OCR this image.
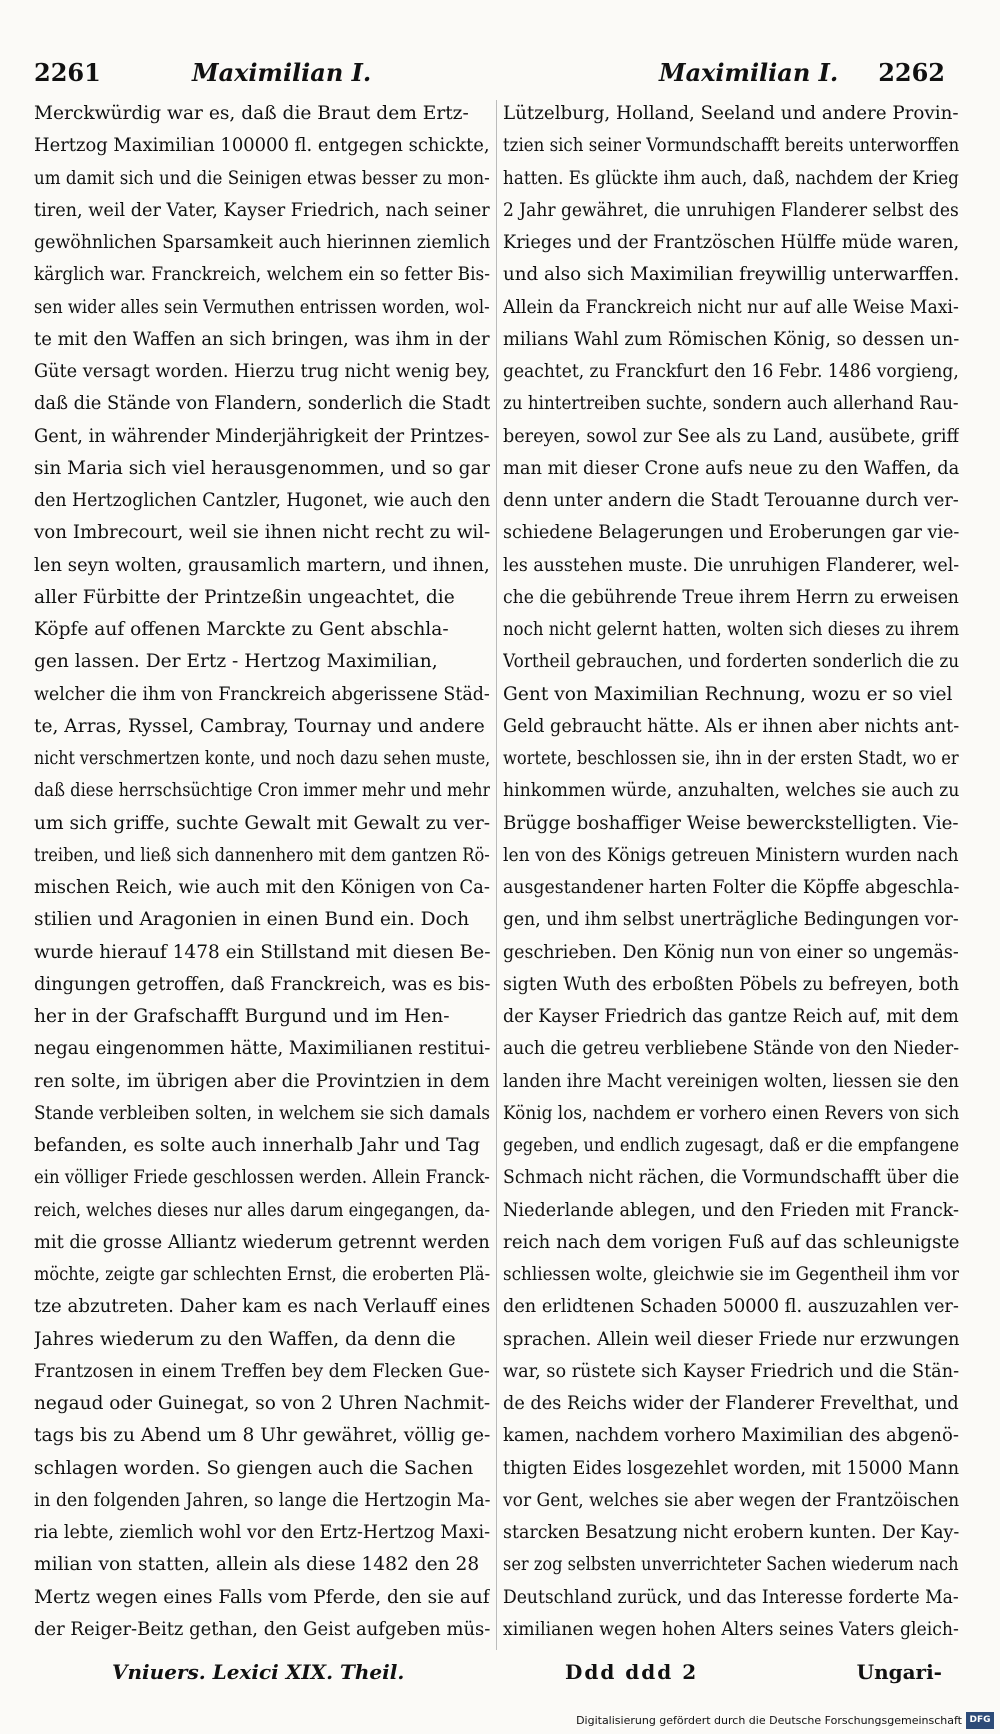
2261	Maximilian I.	Maximilian I. 2262
Merckwürdig war es, daß die Braut dem Ertz-
Hertzog Maximilian 100000 fl. entgegen schickte,
um damit sich und die Seinigen etwas besser zu mon-
tiren, weil der Vater, Kayser Friedrich, nach seiner
gewöhnlichen Sparsamkeit auch hierinnen ziemlich
kärglich war. Franckreich, welchem ein so fetter Bis-
sen wider alles sein Vermuthen entrissen worden, wol-
te mit den Waffen an sich bringen, was ihm in der
Güte versagt worden. Hierzu trug nicht wenig bey,
daß die Stände von Flandern, sonderlich die Stadt
Gent, in währender Minderjährigkeit der Printzes-
sin Maria sich viel herausgenommen, und so gar
den Hertzoglichen Cantzler, Hugonet, wie auch den
von Imbrecourt, weil sie ihnen nicht recht zu wil-
len seyn wolten, grausamlich martern, und ihnen,
aller Fürbitte der Printzeßin ungeachtet, die
Köpfe auf offenen Marckte zu Gent abschla-
gen lassen. Der Ertz - Hertzog Maximilian,
welcher die ihm von Franckreich abgerissene Städ-
te, Arras, Ryssel, Cambray, Tournay und andere
nicht verschmertzen konte, und noch dazu sehen muste,
daß diese herrschsüchtige Cron immer mehr und mehr
um sich griffe, suchte Gewalt mit Gewalt zu ver-
treiben, und ließ sich dannenhero mit dem gantzen Rö-
mischen Reich, wie auch mit den Königen von Ca-
stilien und Aragonien in einen Bund ein. Doch
wurde hierauf 1478 ein Stillstand mit diesen Be-
dingungen getroffen, daß Franckreich, was es bis-
her in der Grafschafft Burgund und im Hen-
negau eingenommen hätte, Maximilianen restitui-
ren solte, im übrigen aber die Provintzien in dem
Stande verbleiben solten, in welchem sie sich damals
befanden, es solte auch innerhalb Jahr und Tag
ein völliger Friede geschlossen werden. Allein Franck-
reich, welches dieses nur alles darum eingegangen, da-
mit die grosse Alliantz wiederum getrennt werden
möchte, zeigte gar schlechten Ernst, die eroberten Plä-
tze abzutreten. Daher kam es nach Verlauff eines
Jahres wiederum zu den Waffen, da denn die
Frantzosen in einem Treffen bey dem Flecken Gue-
negaud oder Guinegat, so von 2 Uhren Nachmit-
tags bis zu Abend um 8 Uhr gewähret, völlig ge-
schlagen worden. So giengen auch die Sachen
in den folgenden Jahren, so lange die Hertzogin Ma-
ria lebte, ziemlich wohl vor den Ertz-Hertzog Maxi-
milian von statten, allein als diese 1482 den 28
Mertz wegen eines Falls vom Pferde, den sie auf
der Reiger-Beitz gethan, den Geist aufgeben müs-
Lützelburg, Holland, Seeland und andere Provin-
tzien sich seiner Vormundschafft bereits unterworffen
hatten. Es glückte ihm auch, daß, nachdem der Krieg
2 Jahr gewähret, die unruhigen Flanderer selbst des
Krieges und der Frantzöschen Hülffe müde waren,
und also sich Maximilian freywillig unterwarffen.
Allein da Franckreich nicht nur auf alle Weise Maxi-
milians Wahl zum Römischen König, so dessen un-
geachtet, zu Franckfurt den 16 Febr. 1486 vorgieng,
zu hintertreiben suchte, sondern auch allerhand Rau-
bereyen, sowol zur See als zu Land, ausübete, griff
man mit dieser Crone aufs neue zu den Waffen, da
denn unter andern die Stadt Terouanne durch ver-
schiedene Belagerungen und Eroberungen gar vie-
les ausstehen muste. Die unruhigen Flanderer, wel-
che die gebührende Treue ihrem Herrn zu erweisen
noch nicht gelernt hatten, wolten sich dieses zu ihrem
Vortheil gebrauchen, und forderten sonderlich die zu
Gent von Maximilian Rechnung, wozu er so viel
Geld gebraucht hätte. Als er ihnen aber nichts ant-
wortete, beschlossen sie, ihn in der ersten Stadt, wo er
hinkommen würde, anzuhalten, welches sie auch zu
Brügge boshaffiger Weise bewerckstelligten. Vie-
len von des Königs getreuen Ministern wurden nach
ausgestandener harten Folter die Köpffe abgeschla-
gen, und ihm selbst unerträgliche Bedingungen vor-
geschrieben. Den König nun von einer so ungemäs-
sigten Wuth des erboßten Pöbels zu befreyen, both
der Kayser Friedrich das gantze Reich auf, mit dem
auch die getreu verbliebene Stände von den Nieder-
landen ihre Macht vereinigen wolten, liessen sie den
König los, nachdem er vorhero einen Revers von sich
gegeben, und endlich zugesagt, daß er die empfangene
Schmach nicht rächen, die Vormundschafft über die
Niederlande ablegen, und den Frieden mit Franck-
reich nach dem vorigen Fuß auf das schleunigste
schliessen wolte, gleichwie sie im Gegentheil ihm vor
den erlidtenen Schaden 50000 fl. auszuzahlen ver-
sprachen. Allein weil dieser Friede nur erzwungen
war, so rüstete sich Kayser Friedrich und die Stän-
de des Reichs wider der Flanderer Frevelthat, und
kamen, nachdem vorhero Maximilian des abgenö-
thigten Eides losgezehlet worden, mit 15000 Mann
vor Gent, welches sie aber wegen der Frantzöischen
starcken Besatzung nicht erobern kunten. Der Kay-
ser zog selbsten unverrichteter Sachen wiederum nach
Deutschland zurück, und das Interesse forderte Ma-
ximilianen wegen hohen Alters seines Vaters gleich-
Vniuers. Lexici XIX. Theil.	Ddd ddd 2	Ungari-
Digitalisierung gefördert durch die Deutsche Forschungsgemeinschaft DFG
